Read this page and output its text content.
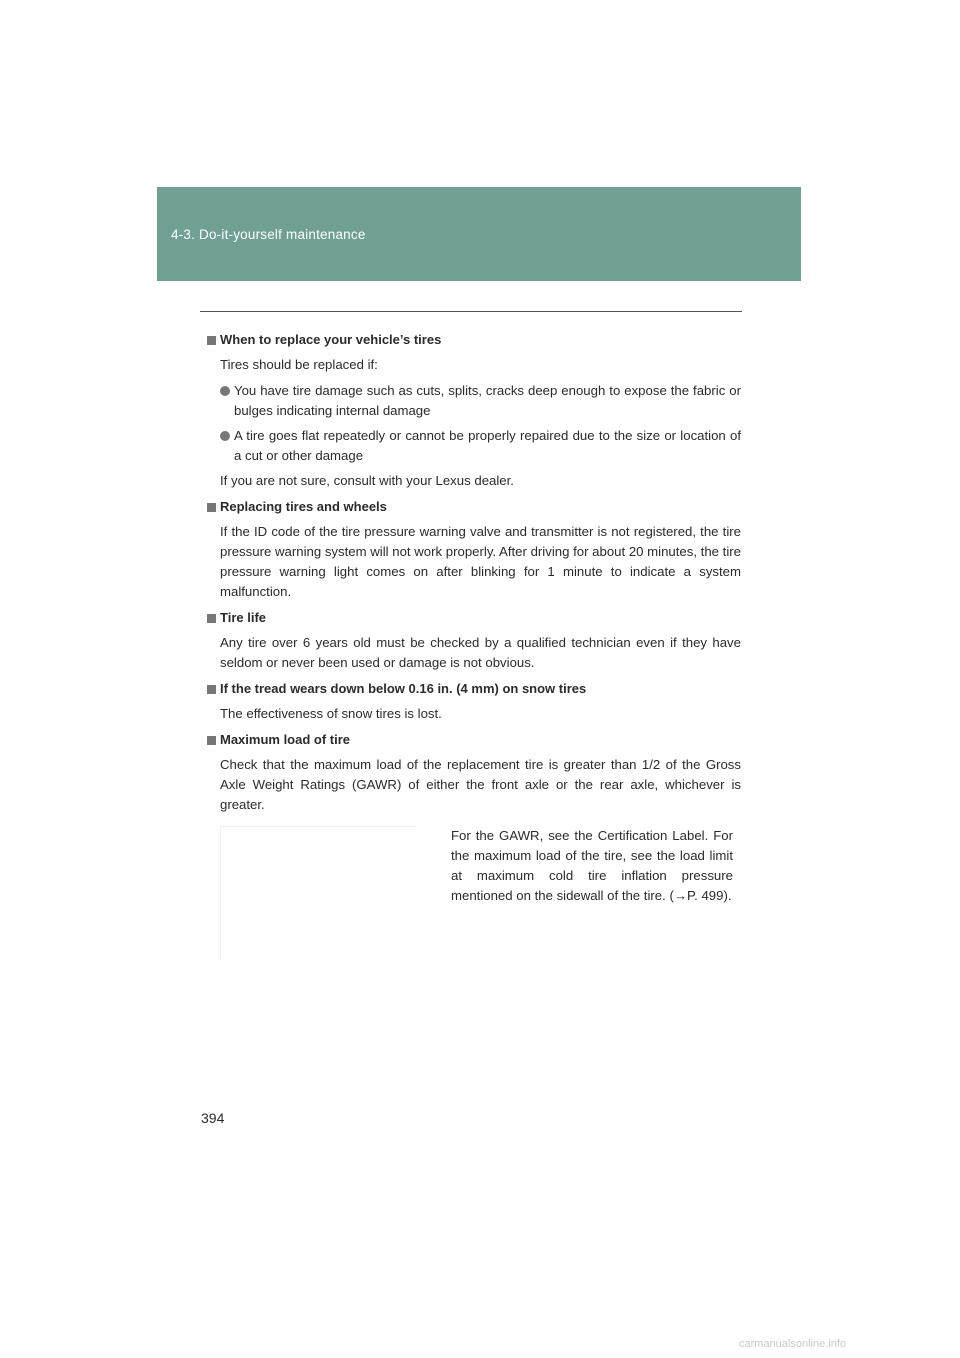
4-3. Do-it-yourself maintenance
When to replace your vehicle’s tires

Tires should be replaced if:

You have tire damage such as cuts, splits, cracks deep enough to expose the fabric or bulges indicating internal damage
A tire goes flat repeatedly or cannot be properly repaired due to the size or location of a cut or other damage

If you are not sure, consult with your Lexus dealer.

Replacing tires and wheels

If the ID code of the tire pressure warning valve and transmitter is not registered, the tire pressure warning system will not work properly. After driving for about 20 minutes, the tire pressure warning light comes on after blinking for 1 minute to indicate a system malfunction.

Tire life

Any tire over 6 years old must be checked by a qualified technician even if they have seldom or never been used or damage is not obvious.

If the tread wears down below 0.16 in. (4 mm) on snow tires

The effectiveness of snow tires is lost.

Maximum load of tire

Check that the maximum load of the replacement tire is greater than 1/2 of the Gross Axle Weight Ratings (GAWR) of either the front axle or the rear axle, whichever is greater.

For the GAWR, see the Certification Label. For the maximum load of the tire, see the load limit at maximum cold tire inflation pressure mentioned on the sidewall of the tire. (→P. 499).
394
carmanualsonline.info
